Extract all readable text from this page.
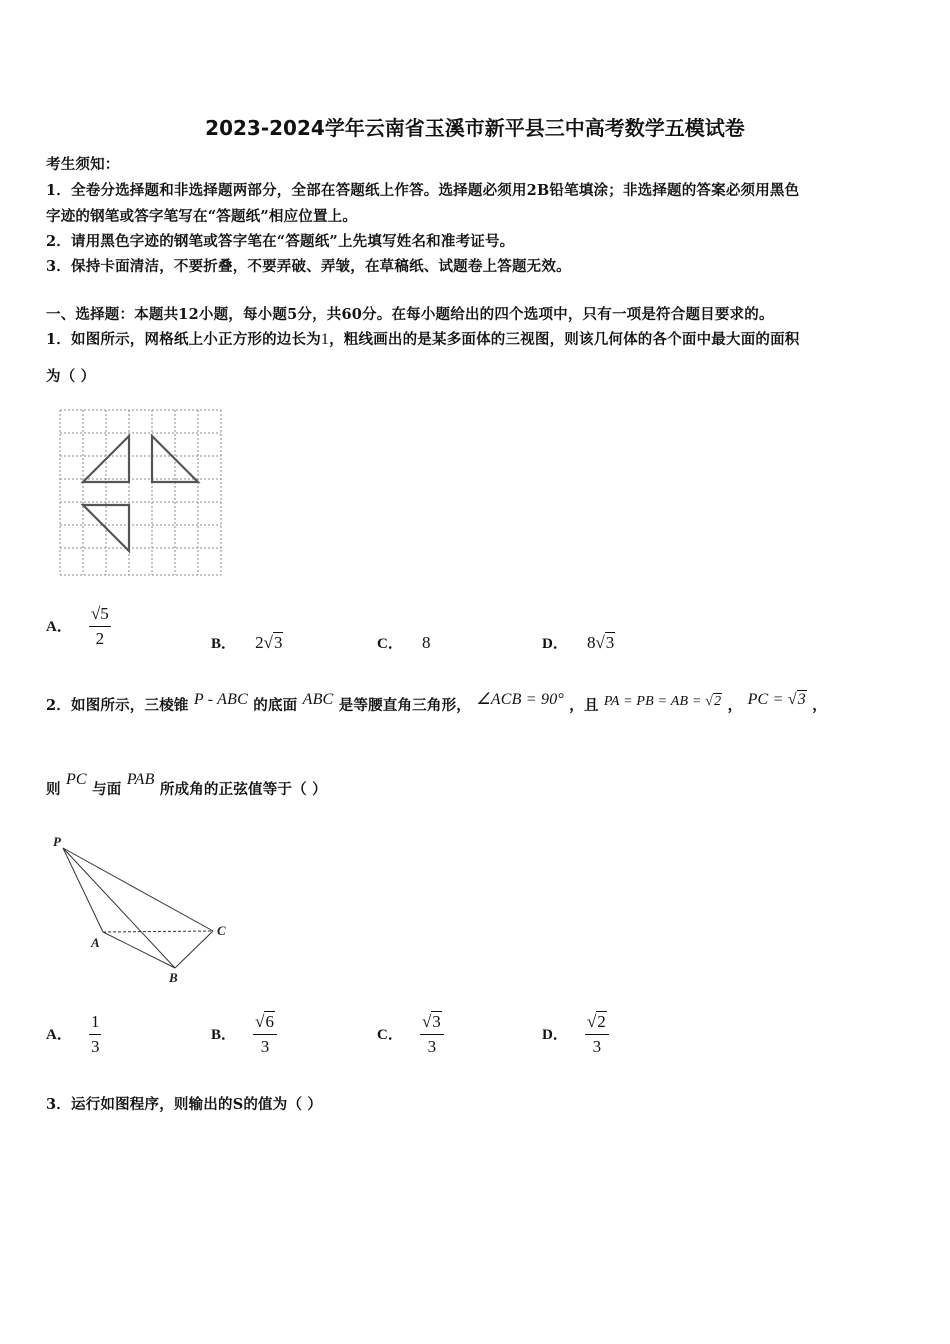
2023-2024学年云南省玉溪市新平县三中高考数学五模试卷
考生须知：
1．全卷分选择题和非选择题两部分，全部在答题纸上作答。选择题必须用2B铅笔填涂；非选择题的答案必须用黑色
字迹的钢笔或答字笔写在“答题纸”相应位置上。
2．请用黑色字迹的钢笔或答字笔在“答题纸”上先填写姓名和准考证号。
3．保持卡面清洁，不要折叠，不要弄破、弄皱，在草稿纸、试题卷上答题无效。
一、选择题：本题共12小题，每小题5分，共60分。在每小题给出的四个选项中，只有一项是符合题目要求的。
1．如图所示，网格纸上小正方形的边长为1，粗线画出的是某多面体的三视图，则该几何体的各个面中最大面的面积
为（ ）
A． $\frac{√5}{2}$	B． 2√3	C． 8	D． 8√3
2．如图所示，三棱锥 P - ABC 的底面 ABC 是等腰直角三角形， ∠ACB = 90° ，且 PA = PB = AB = √2 ， PC = √3 ，
则 PC 与面 PAB 所成角的正弦值等于（ ）
P
A
B
C
A． $\frac{1}{3}$	B． $\frac{√6}{3}$	C． $\frac{√3}{3}$	D． $\frac{√2}{3}$
3．运行如图程序，则输出的S的值为（ ）
